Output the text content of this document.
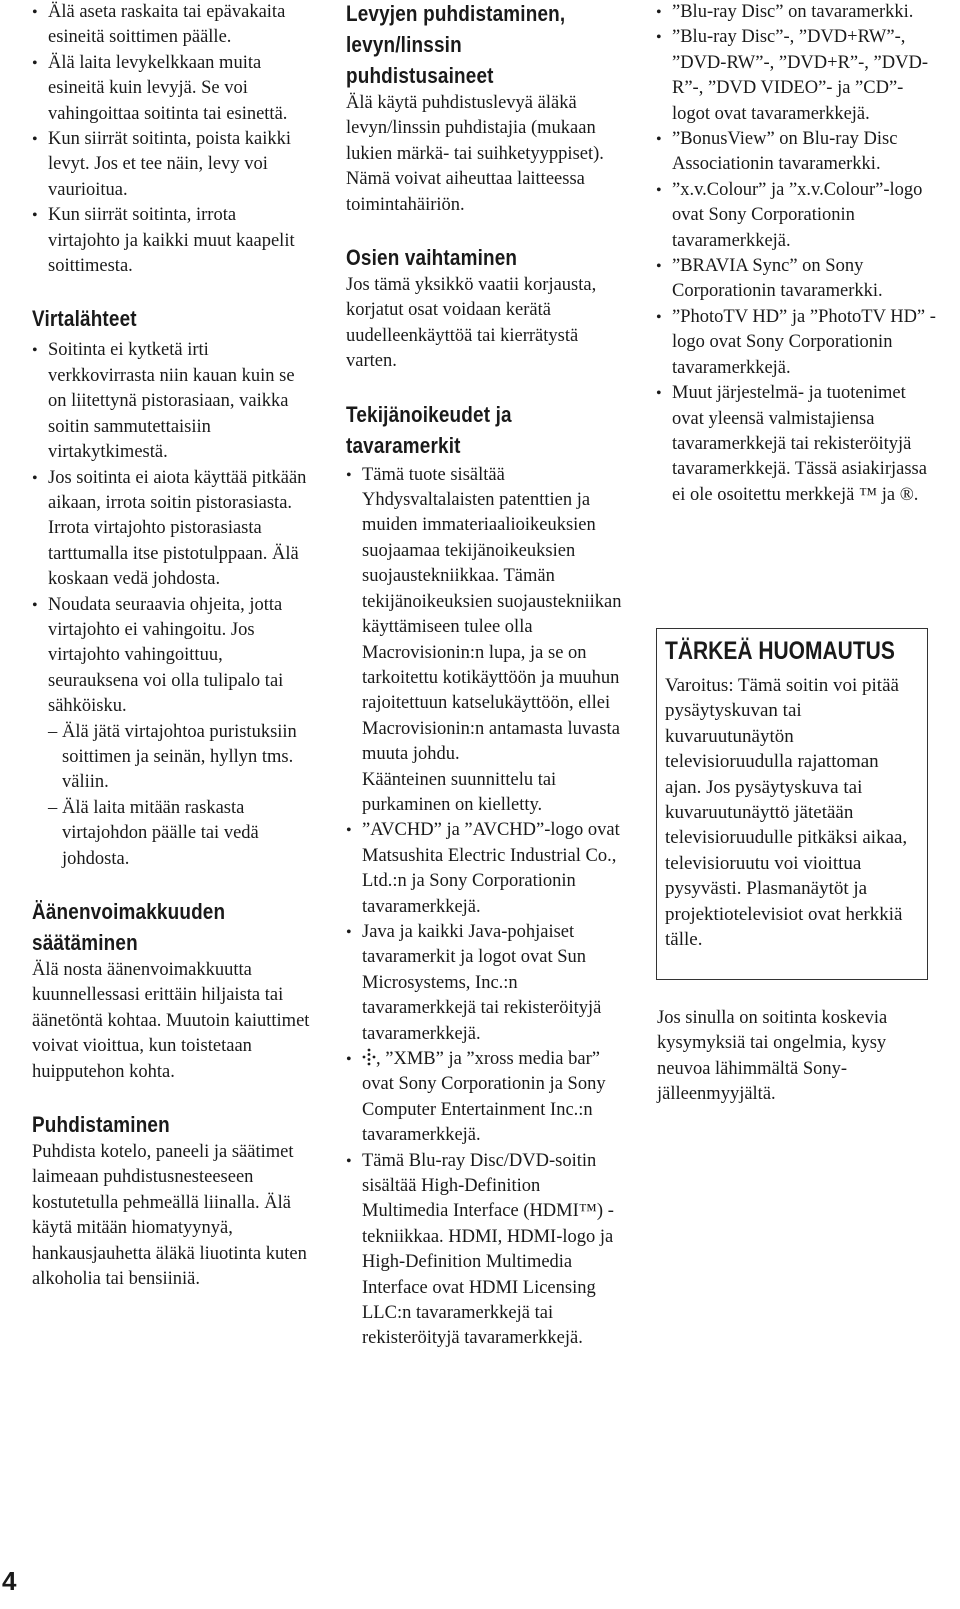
• Älä aseta raskaita tai epävakaita esineitä soittimen päälle.
• Älä laita levykelkkaan muita esineitä kuin levyjä. Se voi vahingoittaa soitinta tai esinettä.
• Kun siirrät soitinta, poista kaikki levyt. Jos et tee näin, levy voi vaurioitua.
• Kun siirrät soitinta, irrota virtajohto ja kaikki muut kaapelit soittimesta.
Virtalähteet
• Soitinta ei kytketä irti verkkovirrasta niin kauan kuin se on liitettynä pistorasiaan, vaikka soitin sammutettaisiin virtakytkimestä.
• Jos soitinta ei aiota käyttää pitkään aikaan, irrota soitin pistorasiasta. Irrota virtajohto pistorasiasta tarttumalla itse pistotulppaan. Älä koskaan vedä johdosta.
• Noudata seuraavia ohjeita, jotta virtajohto ei vahingoitu. Jos virtajohto vahingoittuu, seurauksena voi olla tulipalo tai sähköisku.
– Älä jätä virtajohtoa puristuksiin soittimen ja seinän, hyllyn tms. väliin.
– Älä laita mitään raskasta virtajohdon päälle tai vedä johdosta.
Äänenvoimakkuuden
säätäminen

Älä nosta äänenvoimakkuutta kuunnellessasi erittäin hiljaista tai äänetöntä kohtaa. Muutoin kaiuttimet voivat vioittua, kun toistetaan huipputehon kohta.

Puhdistaminen

Puhdista kotelo, paneeli ja säätimet laimeaan puhdistusnesteeseen kostutetulla pehmeällä liinalla. Älä käytä mitään hiomatyynyä, hankausjauhetta äläkä liuotinta kuten alkoholia tai bensiiniä.

Levyjen puhdistaminen,
levyn/linssin
puhdistusaineet

Älä käytä puhdistuslevyä äläkä levyn/linssin puhdistajia (mukaan lukien märkä- tai suihketyyppiset). Nämä voivat aiheuttaa laitteessa toimintahäiriön.

Osien vaihtaminen

Jos tämä yksikkö vaatii korjausta, korjatut osat voidaan kerätä uudelleenkäyttöä tai kierrätystä varten.

Tekijänoikeudet ja
tavaramerkit
• Tämä tuote sisältää Yhdysvaltalaisten patenttien ja muiden immateriaalioikeuksien suojaamaa tekijänoikeuksien suojaustekniikkaa. Tämän tekijänoikeuksien suojaustekniikan käyttämiseen tulee olla Macrovisionin:n lupa, ja se on tarkoitettu kotikäyttöön ja muuhun rajoitettuun katselukäyttöön, ellei Macrovisionin:n antamasta luvasta muuta johdu.
Käänteinen suunnittelu tai purkaminen on kielletty.
• ”AVCHD” ja ”AVCHD”-logo ovat Matsushita Electric Industrial Co., Ltd.:n ja Sony Corporationin tavaramerkkejä.
• Java ja kaikki Java-pohjaiset tavaramerkit ja logot ovat Sun Microsystems, Inc.:n tavaramerkkejä tai rekisteröityjä tavaramerkkejä.
• , ”XMB” ja ”xross media bar” ovat Sony Corporationin ja Sony Computer Entertainment Inc.:n tavaramerkkejä.
• Tämä Blu-ray Disc/DVD-soitin sisältää High-Definition Multimedia Interface (HDMI™) -tekniikkaa. HDMI, HDMI-logo ja High-Definition Multimedia Interface ovat HDMI Licensing LLC:n tavaramerkkejä tai rekisteröityjä tavaramerkkejä.
• ”Blu-ray Disc” on tavaramerkki.
• ”Blu-ray Disc”-, ”DVD+RW”-, ”DVD-RW”-, ”DVD+R”-, ”DVD-R”-, ”DVD VIDEO”- ja ”CD”-logot ovat tavaramerkkejä.
• ”BonusView” on Blu-ray Disc Associationin tavaramerkki.
• ”x.v.Colour” ja ”x.v.Colour”-logo ovat Sony Corporationin tavaramerkkejä.
• ”BRAVIA Sync” on Sony Corporationin tavaramerkki.
• ”PhotoTV HD” ja ”PhotoTV HD” -logo ovat Sony Corporationin tavaramerkkejä.
• Muut järjestelmä- ja tuotenimet ovat yleensä valmistajiensa tavaramerkkejä tai rekisteröityjä tavaramerkkejä. Tässä asiakirjassa ei ole osoitettu merkkejä ™ ja ®.
TÄRKEÄ HUOMAUTUS

Varoitus: Tämä soitin voi pitää pysäytyskuvan tai kuvaruutunäytön televisioruudulla rajattoman ajan. Jos pysäytyskuva tai kuvaruutunäyttö jätetään televisioruudulle pitkäksi aikaa, televisioruutu voi vioittua pysyvästi. Plasmanäytöt ja projektiotelevisiot ovat herkkiä tälle.

Jos sinulla on soitinta koskevia kysymyksiä tai ongelmia, kysy neuvoa lähimmältä Sony-jälleenmyyjältä.

4
